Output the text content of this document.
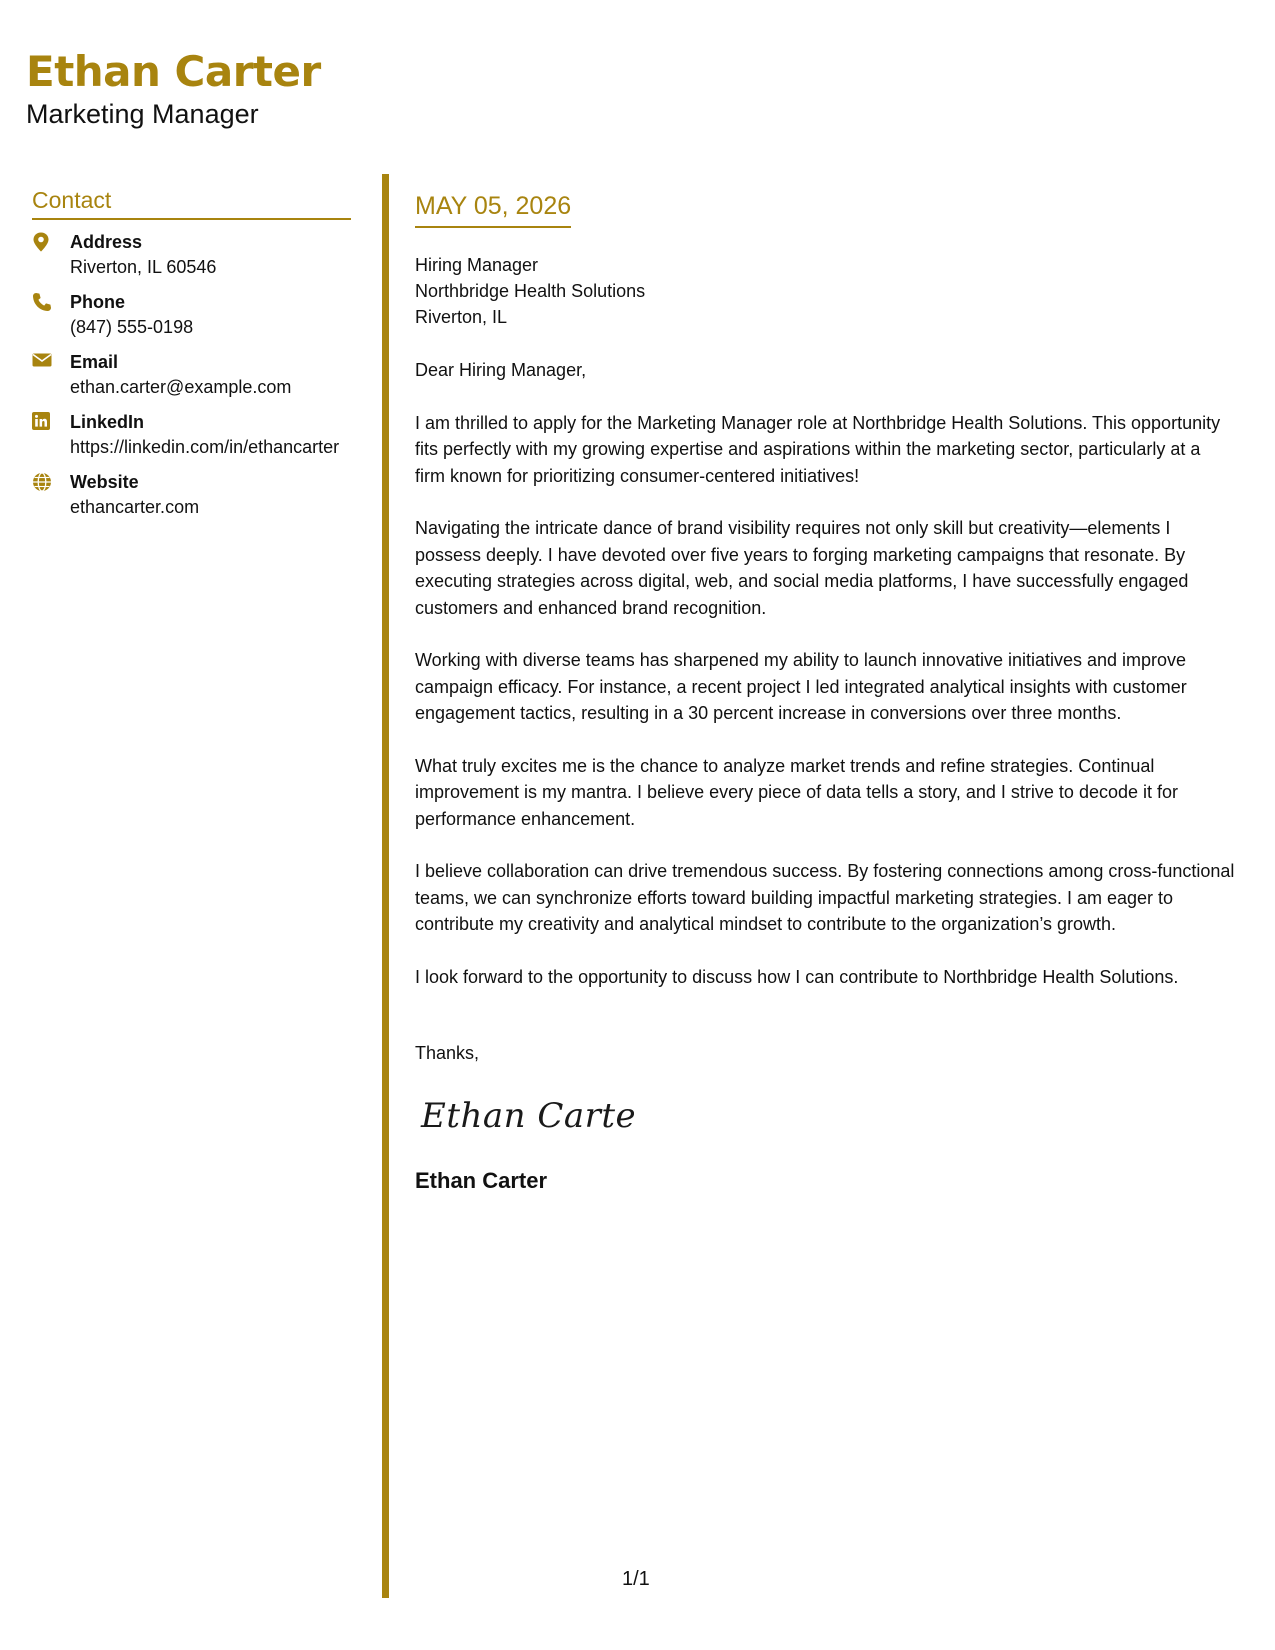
Ethan Carter
Marketing Manager
Contact
Address
Riverton, IL 60546
Phone
(847) 555-0198
Email
ethan.carter@example.com
LinkedIn
https://linkedin.com/in/ethancarter
Website
ethancarter.com
MAY 05, 2026
Hiring Manager
Northbridge Health Solutions
Riverton, IL
Dear Hiring Manager,
I am thrilled to apply for the Marketing Manager role at Northbridge Health Solutions. This opportunity fits perfectly with my growing expertise and aspirations within the marketing sector, particularly at a firm known for prioritizing consumer-centered initiatives!
Navigating the intricate dance of brand visibility requires not only skill but creativity—elements I possess deeply. I have devoted over five years to forging marketing campaigns that resonate. By executing strategies across digital, web, and social media platforms, I have successfully engaged customers and enhanced brand recognition.
Working with diverse teams has sharpened my ability to launch innovative initiatives and improve campaign efficacy. For instance, a recent project I led integrated analytical insights with customer engagement tactics, resulting in a 30 percent increase in conversions over three months.
What truly excites me is the chance to analyze market trends and refine strategies. Continual improvement is my mantra. I believe every piece of data tells a story, and I strive to decode it for performance enhancement.
I believe collaboration can drive tremendous success. By fostering connections among cross-functional teams, we can synchronize efforts toward building impactful marketing strategies. I am eager to contribute my creativity and analytical mindset to contribute to the organization’s growth.
I look forward to the opportunity to discuss how I can contribute to Northbridge Health Solutions.
Thanks,
Ethan Carter
Ethan Carter
1/1
